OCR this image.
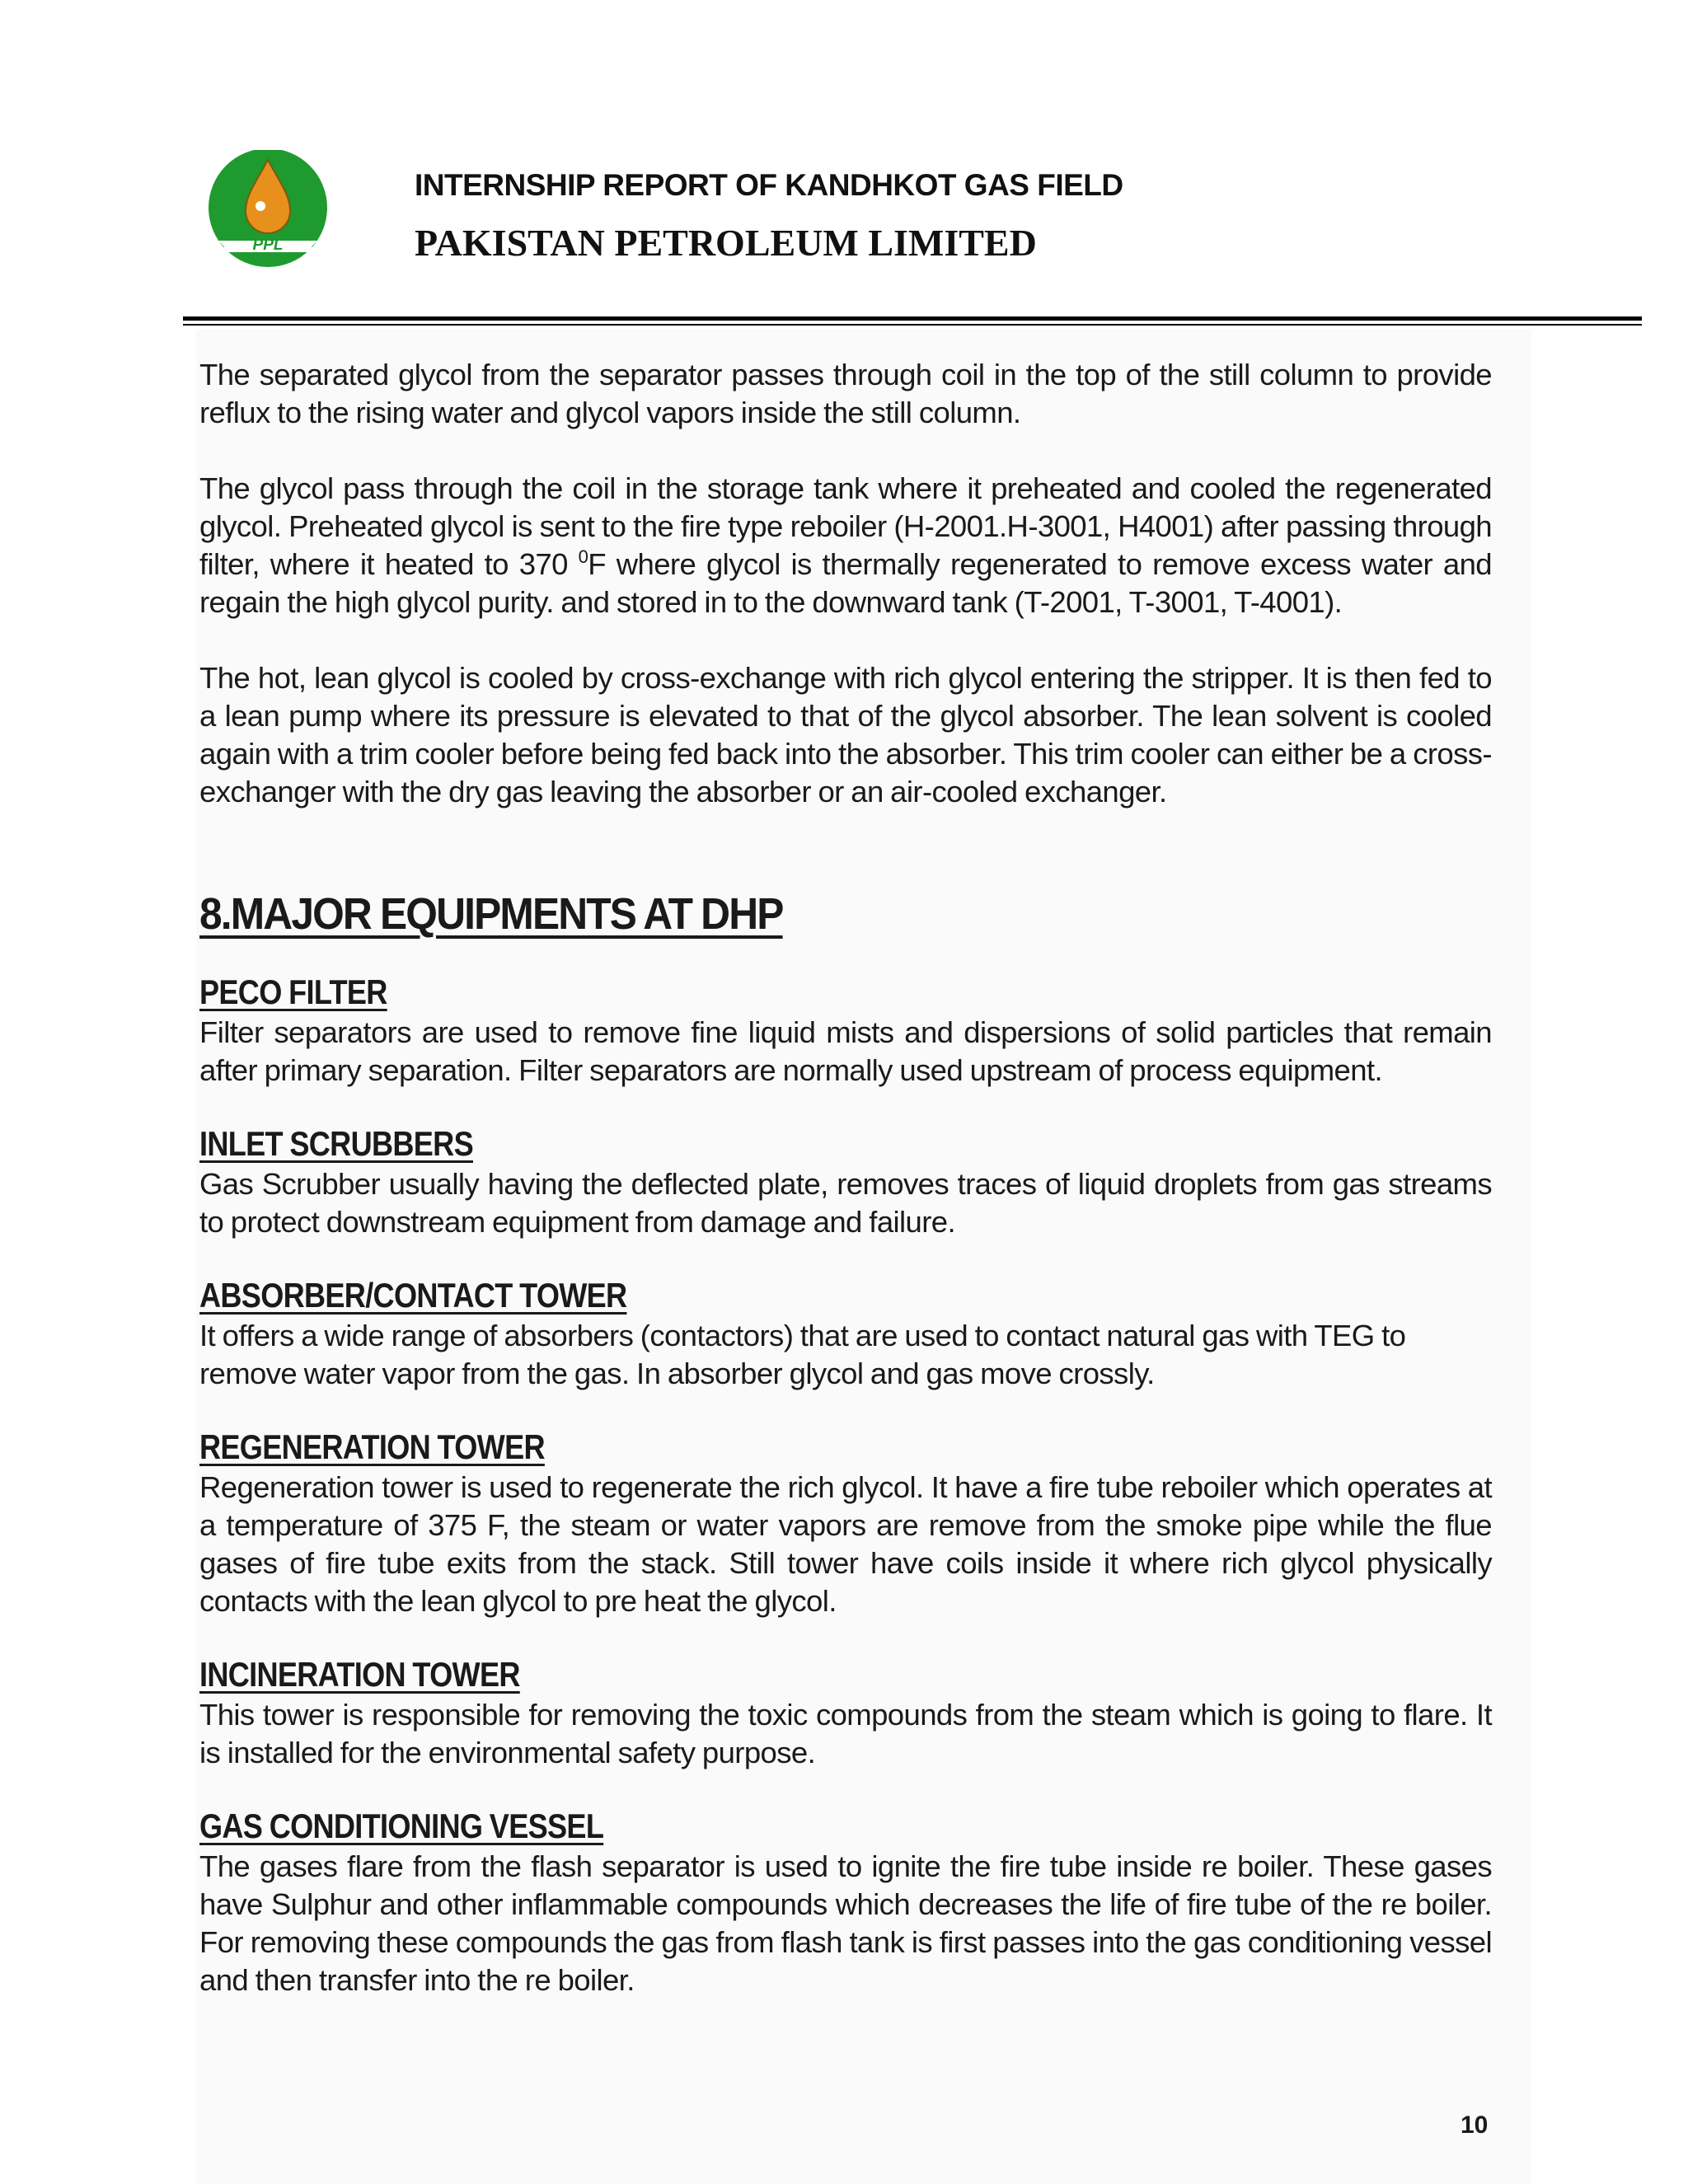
PPL
INTERNSHIP REPORT OF KANDHKOT GAS FIELD
PAKISTAN PETROLEUM LIMITED

The separated glycol from the separator passes through coil in the top of the still column to provide reflux to the rising water and glycol vapors inside the still column.

The glycol pass through the coil in the storage tank where it preheated and cooled the regenerated glycol. Preheated glycol is sent to the fire type reboiler (H-2001.H-3001, H4001) after passing through filter, where it heated to 370 $^0$F where glycol is thermally regenerated to remove excess water and regain the high glycol purity. and stored in to the downward tank (T-2001, T-3001, T-4001).

The hot, lean glycol is cooled by cross-exchange with rich glycol entering the stripper. It is then fed to a lean pump where its pressure is elevated to that of the glycol absorber. The lean solvent is cooled again with a trim cooler before being fed back into the absorber. This trim cooler can either be a cross-exchanger with the dry gas leaving the absorber or an air-cooled exchanger.

8.MAJOR EQUIPMENTS AT DHP
PECO FILTER

Filter separators are used to remove fine liquid mists and dispersions of solid particles that remain after primary separation. Filter separators are normally used upstream of process equipment.

INLET SCRUBBERS

Gas Scrubber usually having the deflected plate, removes traces of liquid droplets from gas streams to protect downstream equipment from damage and failure.

ABSORBER/CONTACT TOWER

It offers a wide range of absorbers (contactors) that are used to contact natural gas with TEG to

remove water vapor from the gas. In absorber glycol and gas move crossly.

REGENERATION TOWER

Regeneration tower is used to regenerate the rich glycol. It have a fire tube reboiler which operates at a temperature of 375 F, the steam or water vapors are remove from the smoke pipe while the flue gases of fire tube exits from the stack. Still tower have coils inside it where rich glycol physically contacts with the lean glycol to pre heat the glycol.

INCINERATION TOWER

This tower is responsible for removing the toxic compounds from the steam which is going to flare. It is installed for the environmental safety purpose.

GAS CONDITIONING VESSEL

The gases flare from the flash separator is used to ignite the fire tube inside re boiler. These gases have Sulphur and other inflammable compounds which decreases the life of fire tube of the re boiler. For removing these compounds the gas from flash tank is first passes into the gas conditioning vessel and then transfer into the re boiler.

10
